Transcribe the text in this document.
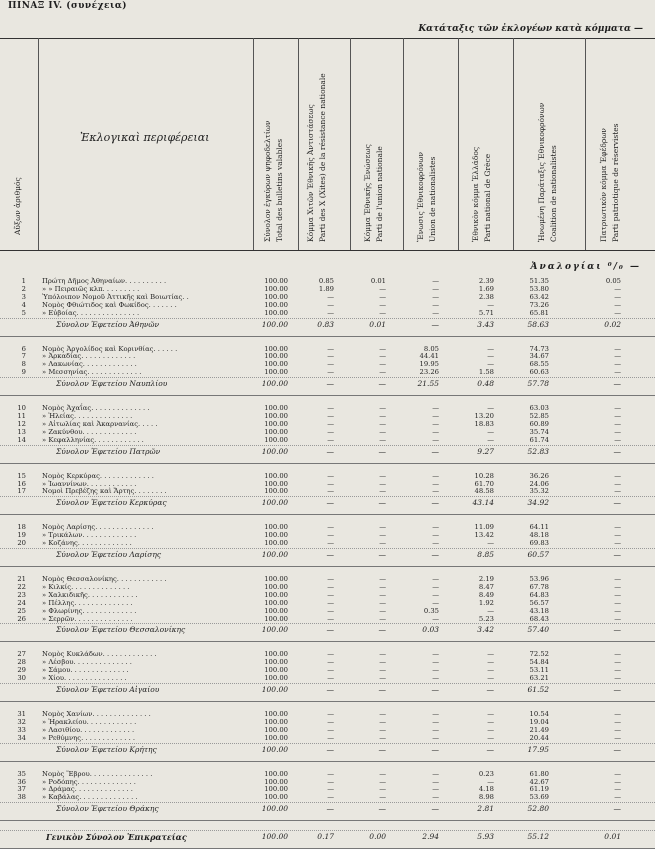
ΠΙΝΑΞ IV. (συνέχεια)
Κατάταξις τῶν ἐκλογέων κατὰ κόμματα —
Αὔξων ἀριθμός
Ἐκλογικαὶ περιφέρειαι	Σύνολον ἐγκύρων ψηφοδελτίων Total des bulletins valables	Κόμμα Χιτῶν Ἐθνικῆς Ἀντιστάσεως Parti des X (Xites) de la résistance nationale	Κόμμα Ἐθνικῆς Ἑνώσεως Parti de l'union nationale	Ἕνωσις Ἐθνικοφρόνων Union de nationalistes	Ἐθνικὸν κόμμα Ἑλλάδος Parti national de Grèce	Ἡνωμένη Παράταξις Ἐθνικοφρόνων Coalition de nationalistes	Πατριωτικὸν κόμμα Ἐφέδρων Parti patriotique de réservistes
Ἀναλογίαι ⁰/₀ —
1 Πρώτη Δῆμος Ἀθηναίων. . . . . . . . . .	100.00	0.85	0.01	—	2.39	51.35	0.05
2 » » Πειραιῶς κλπ. . . . . . . . .	100.00	1.89	—	—	1.69	53.80	—
3 Ὑπόλοιπον Νομοῦ Ἀττικῆς καὶ Βοιωτίας. .	100.00	—	—	—	2.38	63.42	—
4 Νομὸς Φθιώτιδος καὶ Φωκίδος. . . . . . .	100.00	—	—	—	—	73.26	—
5 » Εὐβοίας. . . . . . . . . . . . . . .	100.00	—	—	—	5.71	65.81	—
Σύνολον Ἐφετείου Ἀθηνῶν	100.00	0.83	0.01	—	3.43	58.63	0.02
6 Νομὸς Ἀργολίδος καὶ Κορινθίας. . . . . .	100.00	—	—	8.05	—	74.73	—
7 » Ἀρκαδίας. . . . . . . . . . . . .	100.00	—	—	44.41	—	34.67	—
8 » Λακωνίας. . . . . . . . . . . . .	100.00	—	—	19.95	—	68.55	—
9 » Μεσσηνίας. . . . . . . . . . . . .	100.00	—	—	23.26	1.58	60.63	—
Σύνολον Ἐφετείου Ναυπλίου	100.00	—	—	21.55	0.48	57.78	—
10 Νομὸς Ἀχαΐας. . . . . . . . . . . . . .	100.00	—	—	—	—	63.03	—
11 » Ἠλείας. . . . . . . . . . . . . .	100.00	—	—	—	13.20	52.85	—
12 » Αἰτωλίας καὶ Ἀκαρνανίας. . . . .	100.00	—	—	—	18.83	60.89	—
13 » Ζακύνθου. . . . . . . . . . . . .	100.00	—	—	—	—	35.74	—
14 » Κεφαλληνίας. . . . . . . . . . . .	100.00	—	—	—	—	61.74	—
Σύνολον Ἐφετείου Πατρῶν	100.00	—	—	—	9.27	52.83	—
15 Νομὸς Κερκύρας. . . . . . . . . . . . .	100.00	—	—	—	10.28	36.26	—
16 » Ἰωαννίνων. . . . . . . . . . . .	100.00	—	—	—	61.70	24.06	—
17 Νομοὶ Πρεβέζης καὶ Ἄρτης. . . . . . . .	100.00	—	—	—	48.58	35.32	—
Σύνολον Ἐφετείου Κερκύρας	100.00	—	—	—	43.14	34.92	—
18 Νομὸς Λαρίσης. . . . . . . . . . . . . .	100.00	—	—	—	11.09	64.11	—
19 » Τρικάλων. . . . . . . . . . . . .	100.00	—	—	—	13.42	48.18	—
20 » Κοζάνης. . . . . . . . . . . . .	100.00	—	—	—	—	69.83	—
Σύνολον Ἐφετείου Λαρίσης	100.00	—	—	—	8.85	60.57	—
21 Νομὸς Θεσσαλονίκης. . . . . . . . . . . .	100.00	—	—	—	2.19	53.96	—
22 » Κιλκίς. . . . . . . . . . . . . .	100.00	—	—	—	8.47	67.78	—
23 » Χαλκιδικῆς. . . . . . . . . . . .	100.00	—	—	—	8.49	64.83	—
24 » Πέλλης. . . . . . . . . . . . . .	100.00	—	—	—	1.92	56.57	—
25 » Φλωρίνης. . . . . . . . . . . . .	100.00	—	—	0.35	—	43.18	—
26 » Σερρῶν. . . . . . . . . . . . . .	100.00	—	—	—	5.23	68.43	—
Σύνολον Ἐφετείου Θεσσαλονίκης	100.00	—	—	0.03	3.42	57.40	—
27 Νομὸς Κυκλάδων. . . . . . . . . . . . .	100.00	—	—	—	—	72.52	—
28 » Λέσβου. . . . . . . . . . . . . .	100.00	—	—	—	—	54.84	—
29 » Σάμου. . . . . . . . . . . . . .	100.00	—	—	—	—	53.11	—
30 » Χίου. . . . . . . . . . . . . . .	100.00	—	—	—	—	63.21	—
Σύνολον Ἐφετείου Αἰγαίου	100.00	—	—	—	—	61.52	—
31 Νομὸς Χανίων. . . . . . . . . . . . . .	100.00	—	—	—	—	10.54	—
32 » Ἡρακλείου. . . . . . . . . . . .	100.00	—	—	—	—	19.04	—
33 » Λασιθίου. . . . . . . . . . . . .	100.00	—	—	—	—	21.49	—
34 » Ρεθύμνης. . . . . . . . . . . . .	100.00	—	—	—	—	20.44	—
Σύνολον Ἐφετείου Κρήτης	100.00	—	—	—	—	17.95	—
35 Νομὸς Ἕβρου. . . . . . . . . . . . . . .	100.00	—	—	—	0.23	61.80	—
36 » Ροδόπης. . . . . . . . . . . . . .	100.00	—	—	—	—	42.67	—
37 » Δράμας. . . . . . . . . . . . . .	100.00	—	—	—	4.18	61.19	—
38 » Καβάλας. . . . . . . . . . . . . .	100.00	—	—	—	8.98	53.69	—
Σύνολον Ἐφετείου Θράκης	100.00	—	—	—	2.81	52.80	—
Γενικὸν Σύνολον Ἐπικρατείας	100.00	0.17	0.00	2.94	5.93	55.12	0.01
